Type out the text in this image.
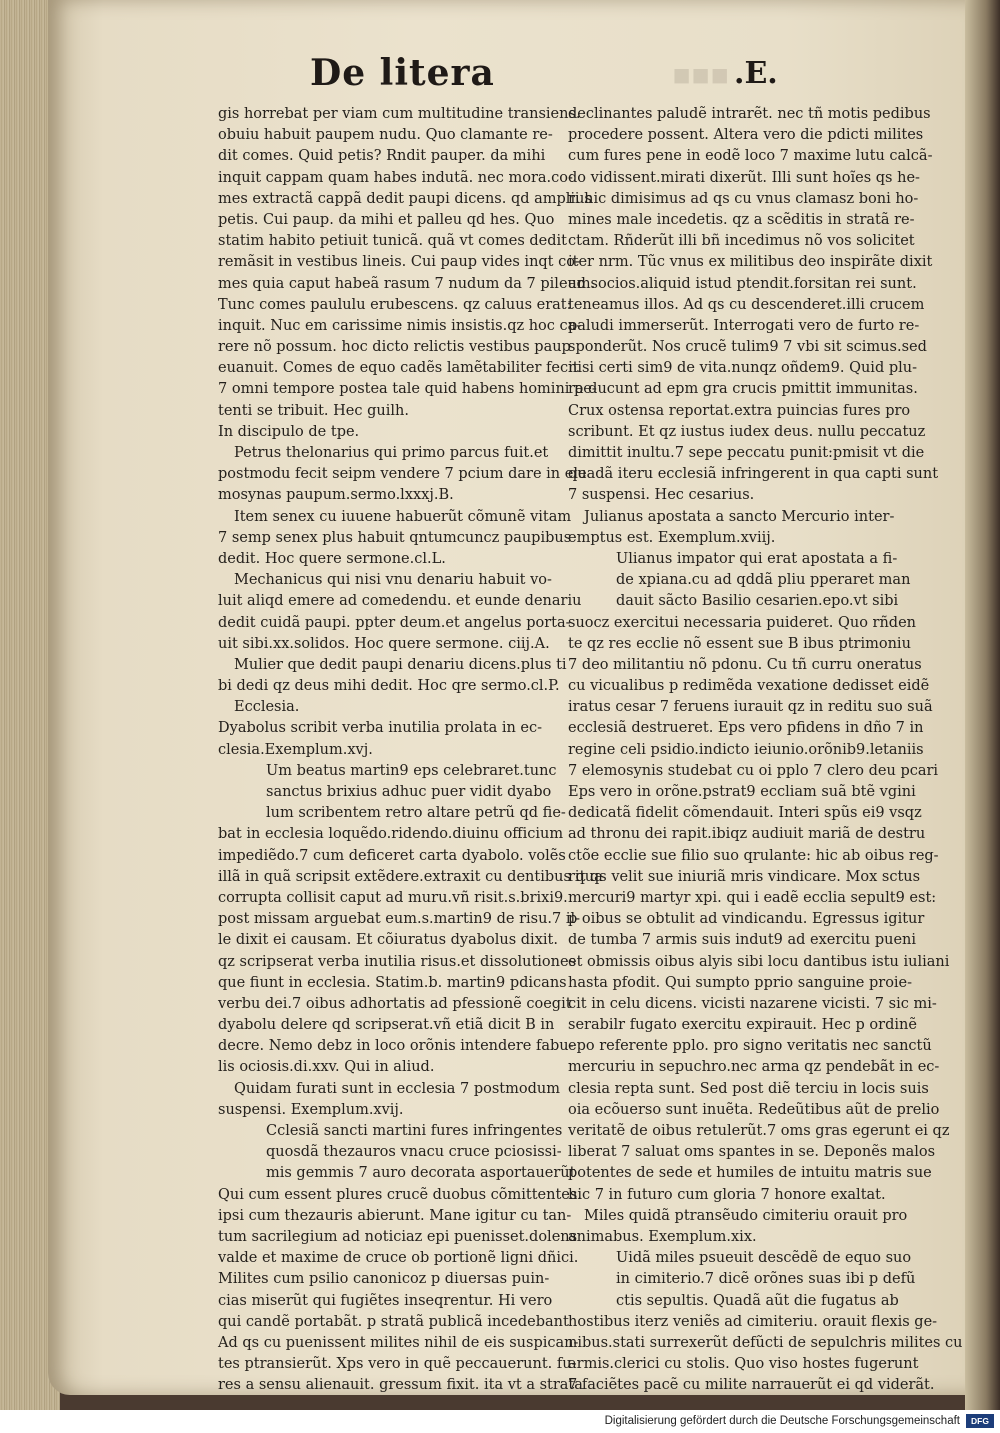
◾◾◾
De litera	.E.
gis horrebat per viam cum multitudine transiens.
obuiu habuit paupem nudu. Quo clamante re-
dit comes. Quid petis? Rndit pauper. da mihi
inquit cappam quam habes indutã. nec mora.co-
mes extractã cappã dedit paupi dicens. qd amplius
petis. Cui paup. da mihi et palleu qd hes. Quo
statim habito petiuit tunicã. quã vt comes dedit
remãsit in vestibus lineis. Cui paup vides inqt co-
mes quia caput habeã rasum 7 nudum da 7 pileum.
Tunc comes paululu erubescens. qz caluus erat:
inquit. Nuc em carissime nimis insistis.qz hoc ca-
rere nõ possum. hoc dicto relictis vestibus paup
euanuit. Comes de equo cadẽs lamẽtabiliter fecit
7 omni tempore postea tale quid habens homini pe-
tenti se tribuit. Hec guilh.
In discipulo de tpe.
Petrus thelonarius qui primo parcus fuit.et
postmodu fecit seipm vendere 7 pcium dare in ele
mosynas paupum.sermo.lxxxj.B.
Item senex cu iuuene habuerũt cõmunẽ vitam
7 semp senex plus habuit qntumcuncz paupibus
dedit. Hoc quere sermone.cl.L.
Mechanicus qui nisi vnu denariu habuit vo-
luit aliqd emere ad comedendu. et eunde denariu
dedit cuidã paupi. ppter deum.et angelus porta-
uit sibi.xx.solidos. Hoc quere sermone. ciij.A.
Mulier que dedit paupi denariu dicens.plus ti
bi dedi qz deus mihi dedit. Hoc qre sermo.cl.P.
Ecclesia.
Dyabolus scribit verba inutilia prolata in ec-
clesia.Exemplum.xvj.
Um beatus martin9 eps celebraret.tunc
sanctus brixius adhuc puer vidit dyabo
lum scribentem retro altare petrũ qd fie-
bat in ecclesia loquẽdo.ridendo.diuinu officium
impediẽdo.7 cum deficeret carta dyabolo. volẽs
illã in quã scripsit extẽdere.extraxit cu dentibus qua
corrupta collisit caput ad muru.vñ risit.s.brixi9.
post missam arguebat eum.s.martin9 de risu.7 il-
le dixit ei causam. Et cõiuratus dyabolus dixit.
qz scripserat verba inutilia risus.et dissolutiones
que fiunt in ecclesia. Statim.b. martin9 pdicans
verbu dei.7 oibus adhortatis ad pfessionẽ coegit
dyabolu delere qd scripserat.vñ etiã dicit B in
decre. Nemo debz in loco orõnis intendere fabu-
lis ociosis.di.xxv. Qui in aliud.
Quidam furati sunt in ecclesia 7 postmodum
suspensi. Exemplum.xvij.
Cclesiã sancti martini fures infringentes
quosdã thezauros vnacu cruce pciosissi-
mis gemmis 7 auro decorata asportauerũt
Qui cum essent plures crucẽ duobus cõmittentes.
ipsi cum thezauris abierunt. Mane igitur cu tan-
tum sacrilegium ad noticiaz epi puenisset.dolens
valde et maxime de cruce ob portionẽ ligni dñici.
Milites cum psilio canonicoz p diuersas puin-
cias miserũt qui fugiẽtes inseqrentur. Hi vero
qui candẽ portabãt. p stratã publicã incedebant
Ad qs cu puenissent milites nihil de eis suspican-
tes ptransierũt. Xps vero in quẽ peccauerunt. fu-
res a sensu alienauit. gressum fixit. ita vt a strata
declinantes paludẽ intrarẽt. nec tñ motis pedibus
procedere possent. Altera vero die pdicti milites
cum fures pene in eodẽ loco 7 maxime lutu calcã-
do vidissent.mirati dixerũt. Illi sunt hoĩes qs he-
ri hic dimisimus ad qs cu vnus clamasz boni ho-
mines male incedetis. qz a scẽditis in stratã re-
ctam. Rñderũt illi bñ incedimus nõ vos solicitet
iter nrm. Tũc vnus ex militibus deo inspirãte dixit
ad socios.aliquid istud ptendit.forsitan rei sunt.
teneamus illos. Ad qs cu descenderet.illi crucem
paludi immerserũt. Interrogati vero de furto re-
sponderũt. Nos crucẽ tulim9 7 vbi sit scimus.sed
nisi certi sim9 de vita.nunqz oñdem9. Quid plu-
ra ducunt ad epm gra crucis pmittit immunitas.
Crux ostensa reportat.extra puincias fures pro
scribunt. Et qz iustus iudex deus. nullu peccatuz
dimittit inultu.7 sepe peccatu punit:pmisit vt die
quadã iteru ecclesiã infringerent in qua capti sunt
7 suspensi. Hec cesarius.
Julianus apostata a sancto Mercurio inter-
emptus est. Exemplum.xviij.
Ulianus impator qui erat apostata a fi-
de xpiana.cu ad qddã pliu pperaret man
dauit sãcto Basilio cesarien.epo.vt sibi
suocz exercitui necessaria puideret. Quo rñden
te qz res ecclie nõ essent sue B ibus ptrimoniu
7 deo militantiu nõ pdonu. Cu tñ curru oneratus
cu vicualibus p redimẽda vexatione dedisset eidẽ
iratus cesar 7 feruens iurauit qz in reditu suo suã
ecclesiã destrueret. Eps vero pfidens in dño 7 in
regine celi psidio.indicto ieiunio.orõnib9.letaniis
7 elemosynis studebat cu oi pplo 7 clero deu pcari
Eps vero in orõne.pstrat9 eccliam suã btẽ vgini
dedicatã fidelit cõmendauit. Interi spũs ei9 vsqz
ad thronu dei rapit.ibiqz audiuit mariã de destru
ctõe ecclie sue filio suo qrulante: hic ab oibus reg-
rit qs velit sue iniuriã mris vindicare. Mox sctus
mercuri9 martyr xpi. qui i eadẽ ecclia sepult9 est:
p oibus se obtulit ad vindicandu. Egressus igitur
de tumba 7 armis suis indut9 ad exercitu pueni
et obmissis oibus alyis sibi locu dantibus istu iuliani
hasta pfodit. Qui sumpto pprio sanguine proie-
cit in celu dicens. vicisti nazarene vicisti. 7 sic mi-
serabilr fugato exercitu expirauit. Hec p ordinẽ
epo referente pplo. pro signo veritatis nec sanctũ
mercuriu in sepuchro.nec arma qz pendebãt in ec-
clesia repta sunt. Sed post diẽ terciu in locis suis
oia ecõuerso sunt inuẽta. Redeũtibus aũt de prelio
veritatẽ de oibus retulerũt.7 oms gras egerunt ei qz
liberat 7 saluat oms spantes in se. Deponẽs malos
potentes de sede et humiles de intuitu matris sue
hic 7 in futuro cum gloria 7 honore exaltat.
Miles quidã ptransẽudo cimiteriu orauit pro
animabus. Exemplum.xix.
Uidã miles psueuit descẽdẽ de equo suo
in cimiterio.7 dicẽ orõnes suas ibi p defũ
ctis sepultis. Quadã aũt die fugatus ab
hostibus iterz veniẽs ad cimiteriu. orauit flexis ge-
nibus.stati surrexerũt defũcti de sepulchris milites cu
armis.clerici cu stolis. Quo viso hostes fugerunt
7 faciẽtes pacẽ cu milite narrauerũt ei qd viderãt.
Digitalisierung gefördert durch die Deutsche Forschungsgemeinschaft	DFG
